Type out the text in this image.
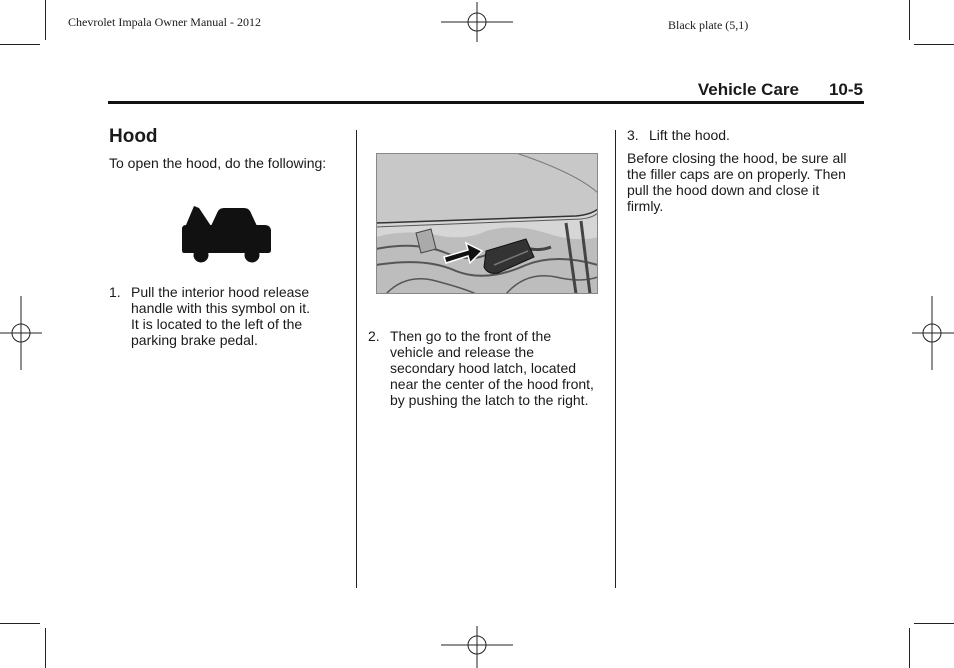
Chevrolet Impala Owner Manual - 2012	Black plate (5,1)
Vehicle Care 10-5
Hood
To open the hood, do the following:
1. Pull the interior hood release
handle with this symbol on it.
It is located to the left of the
parking brake pedal.	2. Then go to the front of the
vehicle and release the
secondary hood latch, located
near the center of the hood front,
by pushing the latch to the right.
3. Lift the hood.
Before closing the hood, be sure all
the filler caps are on properly. Then
pull the hood down and close it
firmly.
